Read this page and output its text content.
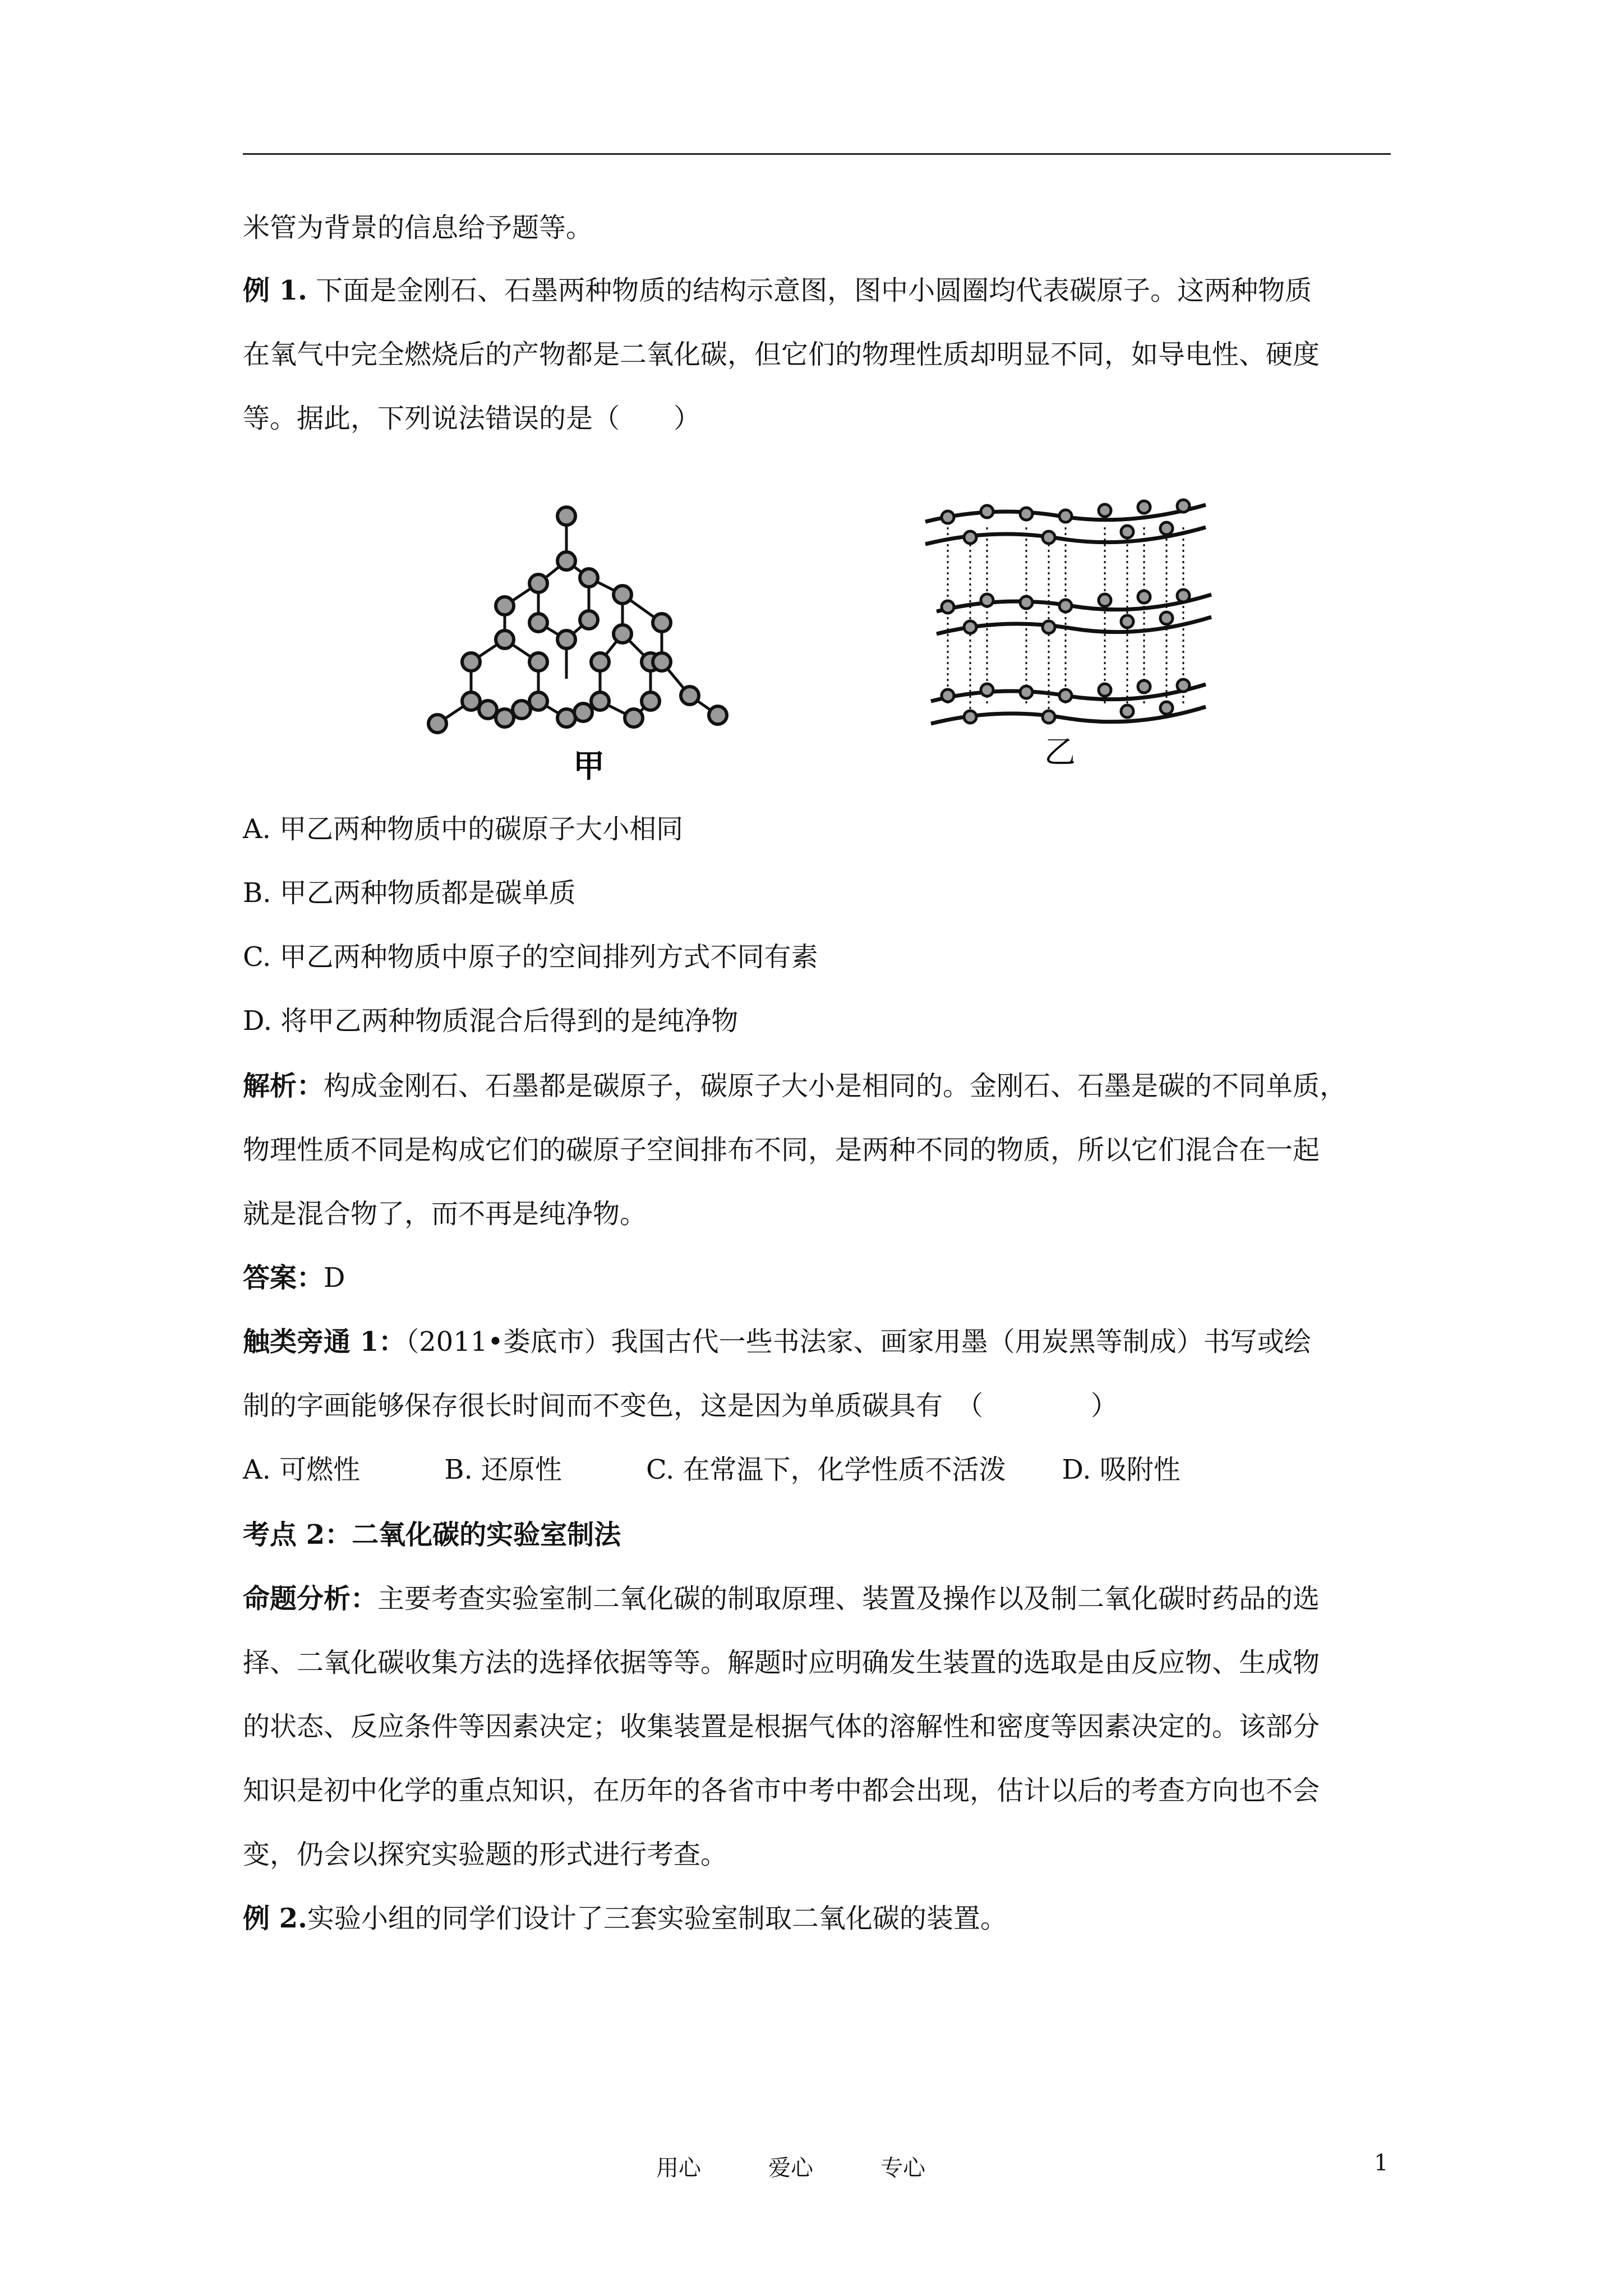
米管为背景的信息给予题等。
例 1. 下面是金刚石、石墨两种物质的结构示意图，图中小圆圈均代表碳原子。这两种物质
在氧气中完全燃烧后的产物都是二氧化碳，但它们的物理性质却明显不同，如导电性、硬度
等。据此，下列说法错误的是（　　）
甲	乙
A. 甲乙两种物质中的碳原子大小相同
B. 甲乙两种物质都是碳单质
C. 甲乙两种物质中原子的空间排列方式不同有素
D. 将甲乙两种物质混合后得到的是纯净物
解析：构成金刚石、石墨都是碳原子，碳原子大小是相同的。金刚石、石墨是碳的不同单质，
物理性质不同是构成它们的碳原子空间排布不同，是两种不同的物质，所以它们混合在一起
就是混合物了，而不再是纯净物。
答案：D
触类旁通 1：（2011•娄底市）我国古代一些书法家、画家用墨（用炭黑等制成）书写或绘
制的字画能够保存很长时间而不变色，这是因为单质碳具有　（　　　　）
A. 可燃性	B. 还原性	C. 在常温下，化学性质不活泼 D. 吸附性
考点 2：二氧化碳的实验室制法
命题分析：主要考查实验室制二氧化碳的制取原理、装置及操作以及制二氧化碳时药品的选
择、二氧化碳收集方法的选择依据等等。解题时应明确发生装置的选取是由反应物、生成物
的状态、反应条件等因素决定；收集装置是根据气体的溶解性和密度等因素决定的。该部分
知识是初中化学的重点知识，在历年的各省市中考中都会出现，估计以后的考查方向也不会
变，仍会以探究实验题的形式进行考查。
例 2.实验小组的同学们设计了三套实验室制取二氧化碳的装置。
用心	爱心	专心	1
